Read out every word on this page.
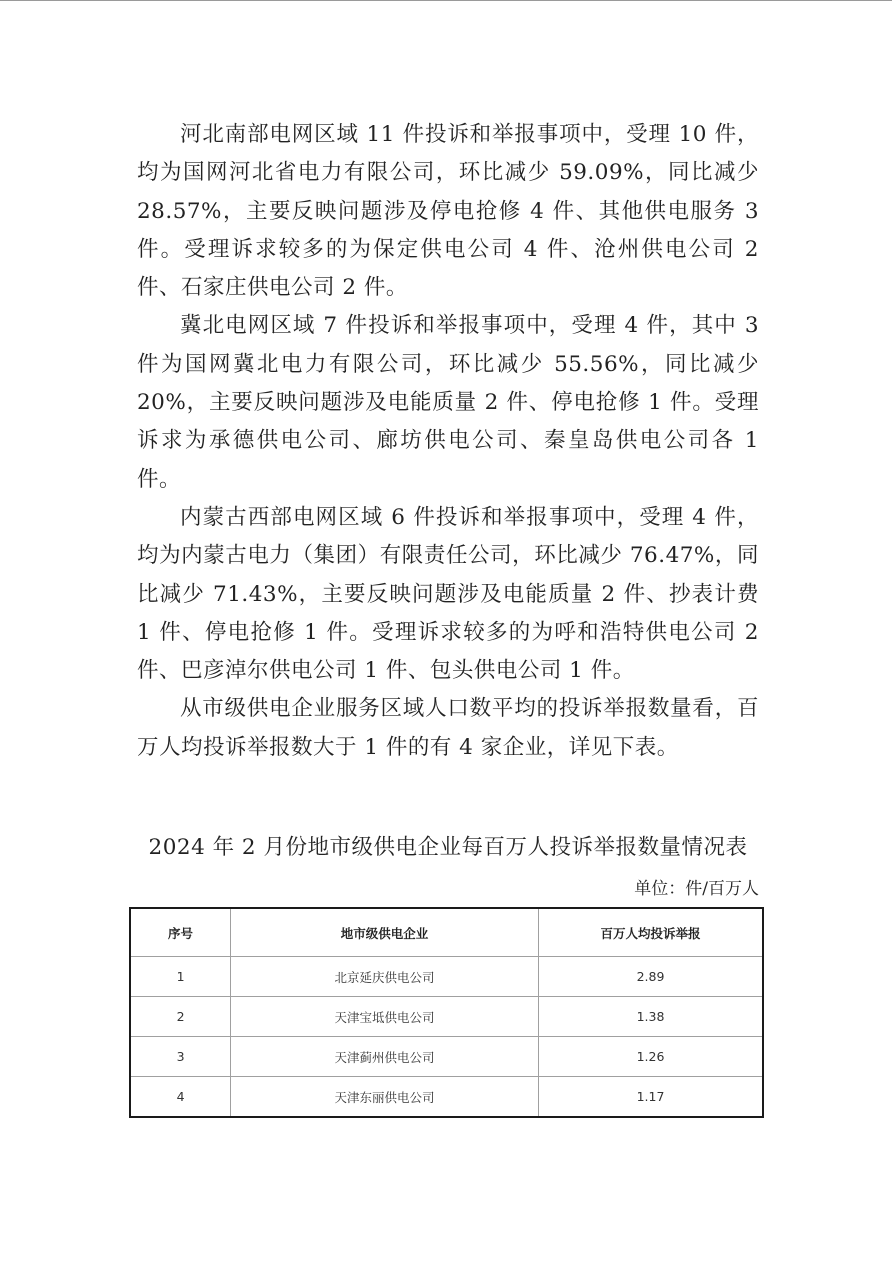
河北南部电网区域 11 件投诉和举报事项中，受理 10 件，均为国网河北省电力有限公司，环比减少 59.09%，同比减少 28.57%，主要反映问题涉及停电抢修 4 件、其他供电服务 3 件。受理诉求较多的为保定供电公司 4 件、沧州供电公司 2 件、石家庄供电公司 2 件。

冀北电网区域 7 件投诉和举报事项中，受理 4 件，其中 3 件为国网冀北电力有限公司，环比减少 55.56%，同比减少 20%，主要反映问题涉及电能质量 2 件、停电抢修 1 件。受理诉求为承德供电公司、廊坊供电公司、秦皇岛供电公司各 1 件。

内蒙古西部电网区域 6 件投诉和举报事项中，受理 4 件，均为内蒙古电力（集团）有限责任公司，环比减少 76.47%，同比减少 71.43%，主要反映问题涉及电能质量 2 件、抄表计费 1 件、停电抢修 1 件。受理诉求较多的为呼和浩特供电公司 2 件、巴彦淖尔供电公司 1 件、包头供电公司 1 件。

从市级供电企业服务区域人口数平均的投诉举报数量看，百万人均投诉举报数大于 1 件的有 4 家企业，详见下表。

2024 年 2 月份地市级供电企业每百万人投诉举报数量情况表
单位：件/百万人
序号	地市级供电企业	百万人均投诉举报
1	北京延庆供电公司	2.89
2	天津宝坻供电公司	1.38
3	天津蓟州供电公司	1.26
4	天津东丽供电公司	1.17
